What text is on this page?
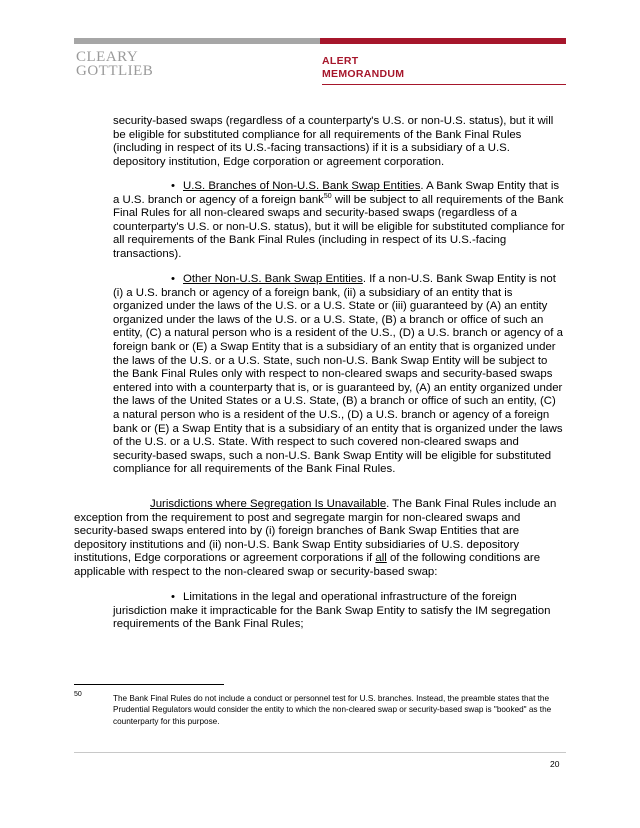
CLEARY
GOTTLIEB
ALERT
MEMORANDUM

security-based swaps (regardless of a counterparty's U.S. or non-U.S. status), but it will be eligible for substituted compliance for all requirements of the Bank Final Rules (including in respect of its U.S.-facing transactions) if it is a subsidiary of a U.S. depository institution, Edge corporation or agreement corporation.

• U.S. Branches of Non-U.S. Bank Swap Entities. A Bank Swap Entity that is a U.S. branch or agency of a foreign bank$^{50}$ will be subject to all requirements of the Bank Final Rules for all non-cleared swaps and security-based swaps (regardless of a counterparty's U.S. or non-U.S. status), but it will be eligible for substituted compliance for all requirements of the Bank Final Rules (including in respect of its U.S.-facing transactions).

• Other Non-U.S. Bank Swap Entities. If a non-U.S. Bank Swap Entity is not (i) a U.S. branch or agency of a foreign bank, (ii) a subsidiary of an entity that is organized under the laws of the U.S. or a U.S. State or (iii) guaranteed by (A) an entity organized under the laws of the U.S. or a U.S. State, (B) a branch or office of such an entity, (C) a natural person who is a resident of the U.S., (D) a U.S. branch or agency of a foreign bank or (E) a Swap Entity that is a subsidiary of an entity that is organized under the laws of the U.S. or a U.S. State, such non-U.S. Bank Swap Entity will be subject to the Bank Final Rules only with respect to non-cleared swaps and security-based swaps entered into with a counterparty that is, or is guaranteed by, (A) an entity organized under the laws of the United States or a U.S. State, (B) a branch or office of such an entity, (C) a natural person who is a resident of the U.S., (D) a U.S. branch or agency of a foreign bank or (E) a Swap Entity that is a subsidiary of an entity that is organized under the laws of the U.S. or a U.S. State. With respect to such covered non-cleared swaps and security-based swaps, such a non-U.S. Bank Swap Entity will be eligible for substituted compliance for all requirements of the Bank Final Rules.

Jurisdictions where Segregation Is Unavailable. The Bank Final Rules include an exception from the requirement to post and segregate margin for non-cleared swaps and security-based swaps entered into by (i) foreign branches of Bank Swap Entities that are depository institutions and (ii) non-U.S. Bank Swap Entity subsidiaries of U.S. depository institutions, Edge corporations or agreement corporations if all of the following conditions are applicable with respect to the non-cleared swap or security-based swap:

• Limitations in the legal and operational infrastructure of the foreign jurisdiction make it impracticable for the Bank Swap Entity to satisfy the IM segregation requirements of the Bank Final Rules;

50	The Bank Final Rules do not include a conduct or personnel test for U.S. branches. Instead, the preamble states that the Prudential Regulators would consider the entity to which the non-cleared swap or security-based swap is "booked" as the counterparty for this purpose.
20
